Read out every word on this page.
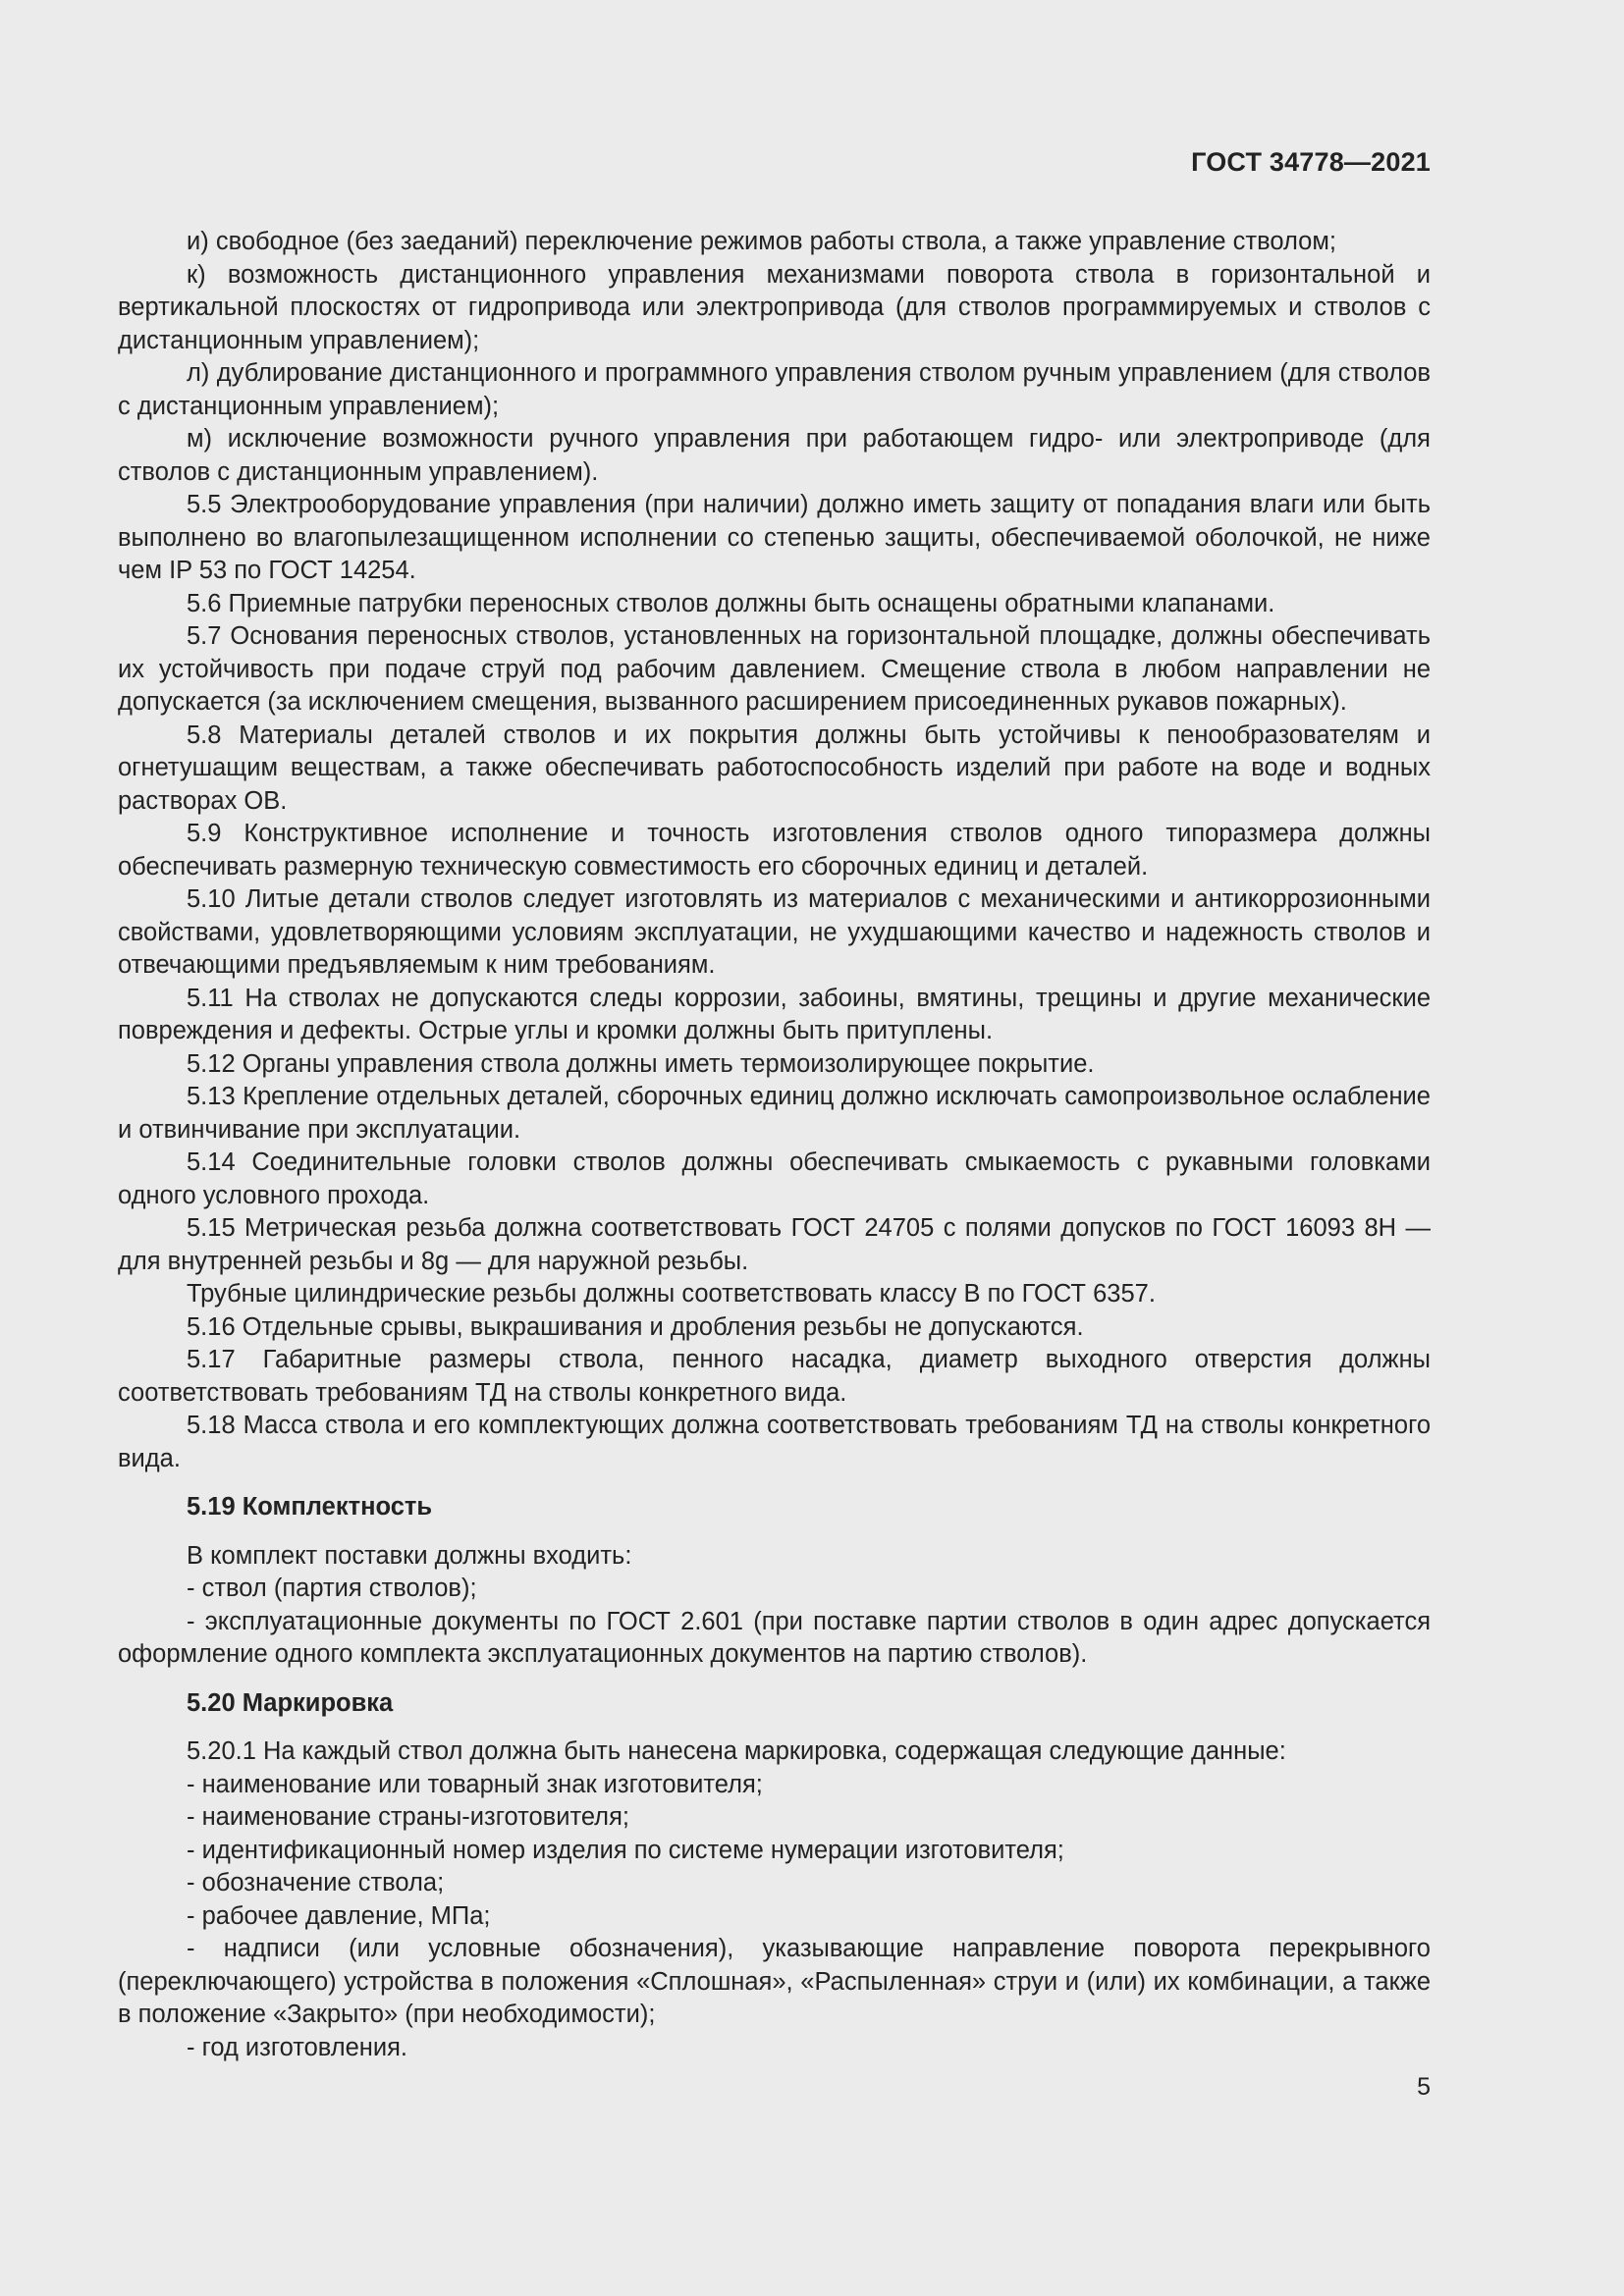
ГОСТ 34778—2021

и) свободное (без заеданий) переключение режимов работы ствола, а также управление стволом;

к) возможность дистанционного управления механизмами поворота ствола в горизонтальной и вертикальной плоскостях от гидропривода или электропривода (для стволов программируемых и стволов с дистанционным управлением);

л) дублирование дистанционного и программного управления стволом ручным управлением (для стволов с дистанционным управлением);

м) исключение возможности ручного управления при работающем гидро- или электроприводе (для стволов с дистанционным управлением).

5.5 Электрооборудование управления (при наличии) должно иметь защиту от попадания влаги или быть выполнено во влагопылезащищенном исполнении со степенью защиты, обеспечиваемой оболочкой, не ниже чем IP 53 по ГОСТ 14254.

5.6 Приемные патрубки переносных стволов должны быть оснащены обратными клапанами.

5.7 Основания переносных стволов, установленных на горизонтальной площадке, должны обеспечивать их устойчивость при подаче струй под рабочим давлением. Смещение ствола в любом направлении не допускается (за исключением смещения, вызванного расширением присоединенных рукавов пожарных).

5.8 Материалы деталей стволов и их покрытия должны быть устойчивы к пенообразователям и огнетушащим веществам, а также обеспечивать работоспособность изделий при работе на воде и водных растворах ОВ.

5.9 Конструктивное исполнение и точность изготовления стволов одного типоразмера должны обеспечивать размерную техническую совместимость его сборочных единиц и деталей.

5.10 Литые детали стволов следует изготовлять из материалов с механическими и антикоррозионными свойствами, удовлетворяющими условиям эксплуатации, не ухудшающими качество и надежность стволов и отвечающими предъявляемым к ним требованиям.

5.11 На стволах не допускаются следы коррозии, забоины, вмятины, трещины и другие механические повреждения и дефекты. Острые углы и кромки должны быть притуплены.

5.12 Органы управления ствола должны иметь термоизолирующее покрытие.

5.13 Крепление отдельных деталей, сборочных единиц должно исключать самопроизвольное ослабление и отвинчивание при эксплуатации.

5.14 Соединительные головки стволов должны обеспечивать смыкаемость с рукавными головками одного условного прохода.

5.15 Метрическая резьба должна соответствовать ГОСТ 24705 с полями допусков по ГОСТ 16093 8Н — для внутренней резьбы и 8g — для наружной резьбы.

Трубные цилиндрические резьбы должны соответствовать классу В по ГОСТ 6357.

5.16 Отдельные срывы, выкрашивания и дробления резьбы не допускаются.

5.17 Габаритные размеры ствола, пенного насадка, диаметр выходного отверстия должны соответствовать требованиям ТД на стволы конкретного вида.

5.18 Масса ствола и его комплектующих должна соответствовать требованиям ТД на стволы конкретного вида.

5.19 Комплектность

В комплект поставки должны входить:

- ствол (партия стволов);

- эксплуатационные документы по ГОСТ 2.601 (при поставке партии стволов в один адрес допускается оформление одного комплекта эксплуатационных документов на партию стволов).

5.20 Маркировка

5.20.1 На каждый ствол должна быть нанесена маркировка, содержащая следующие данные:

- наименование или товарный знак изготовителя;

- наименование страны-изготовителя;

- идентификационный номер изделия по системе нумерации изготовителя;

- обозначение ствола;

- рабочее давление, МПа;

- надписи (или условные обозначения), указывающие направление поворота перекрывного (переключающего) устройства в положения «Сплошная», «Распыленная» струи и (или) их комбинации, а также в положение «Закрыто» (при необходимости);

- год изготовления.

5
